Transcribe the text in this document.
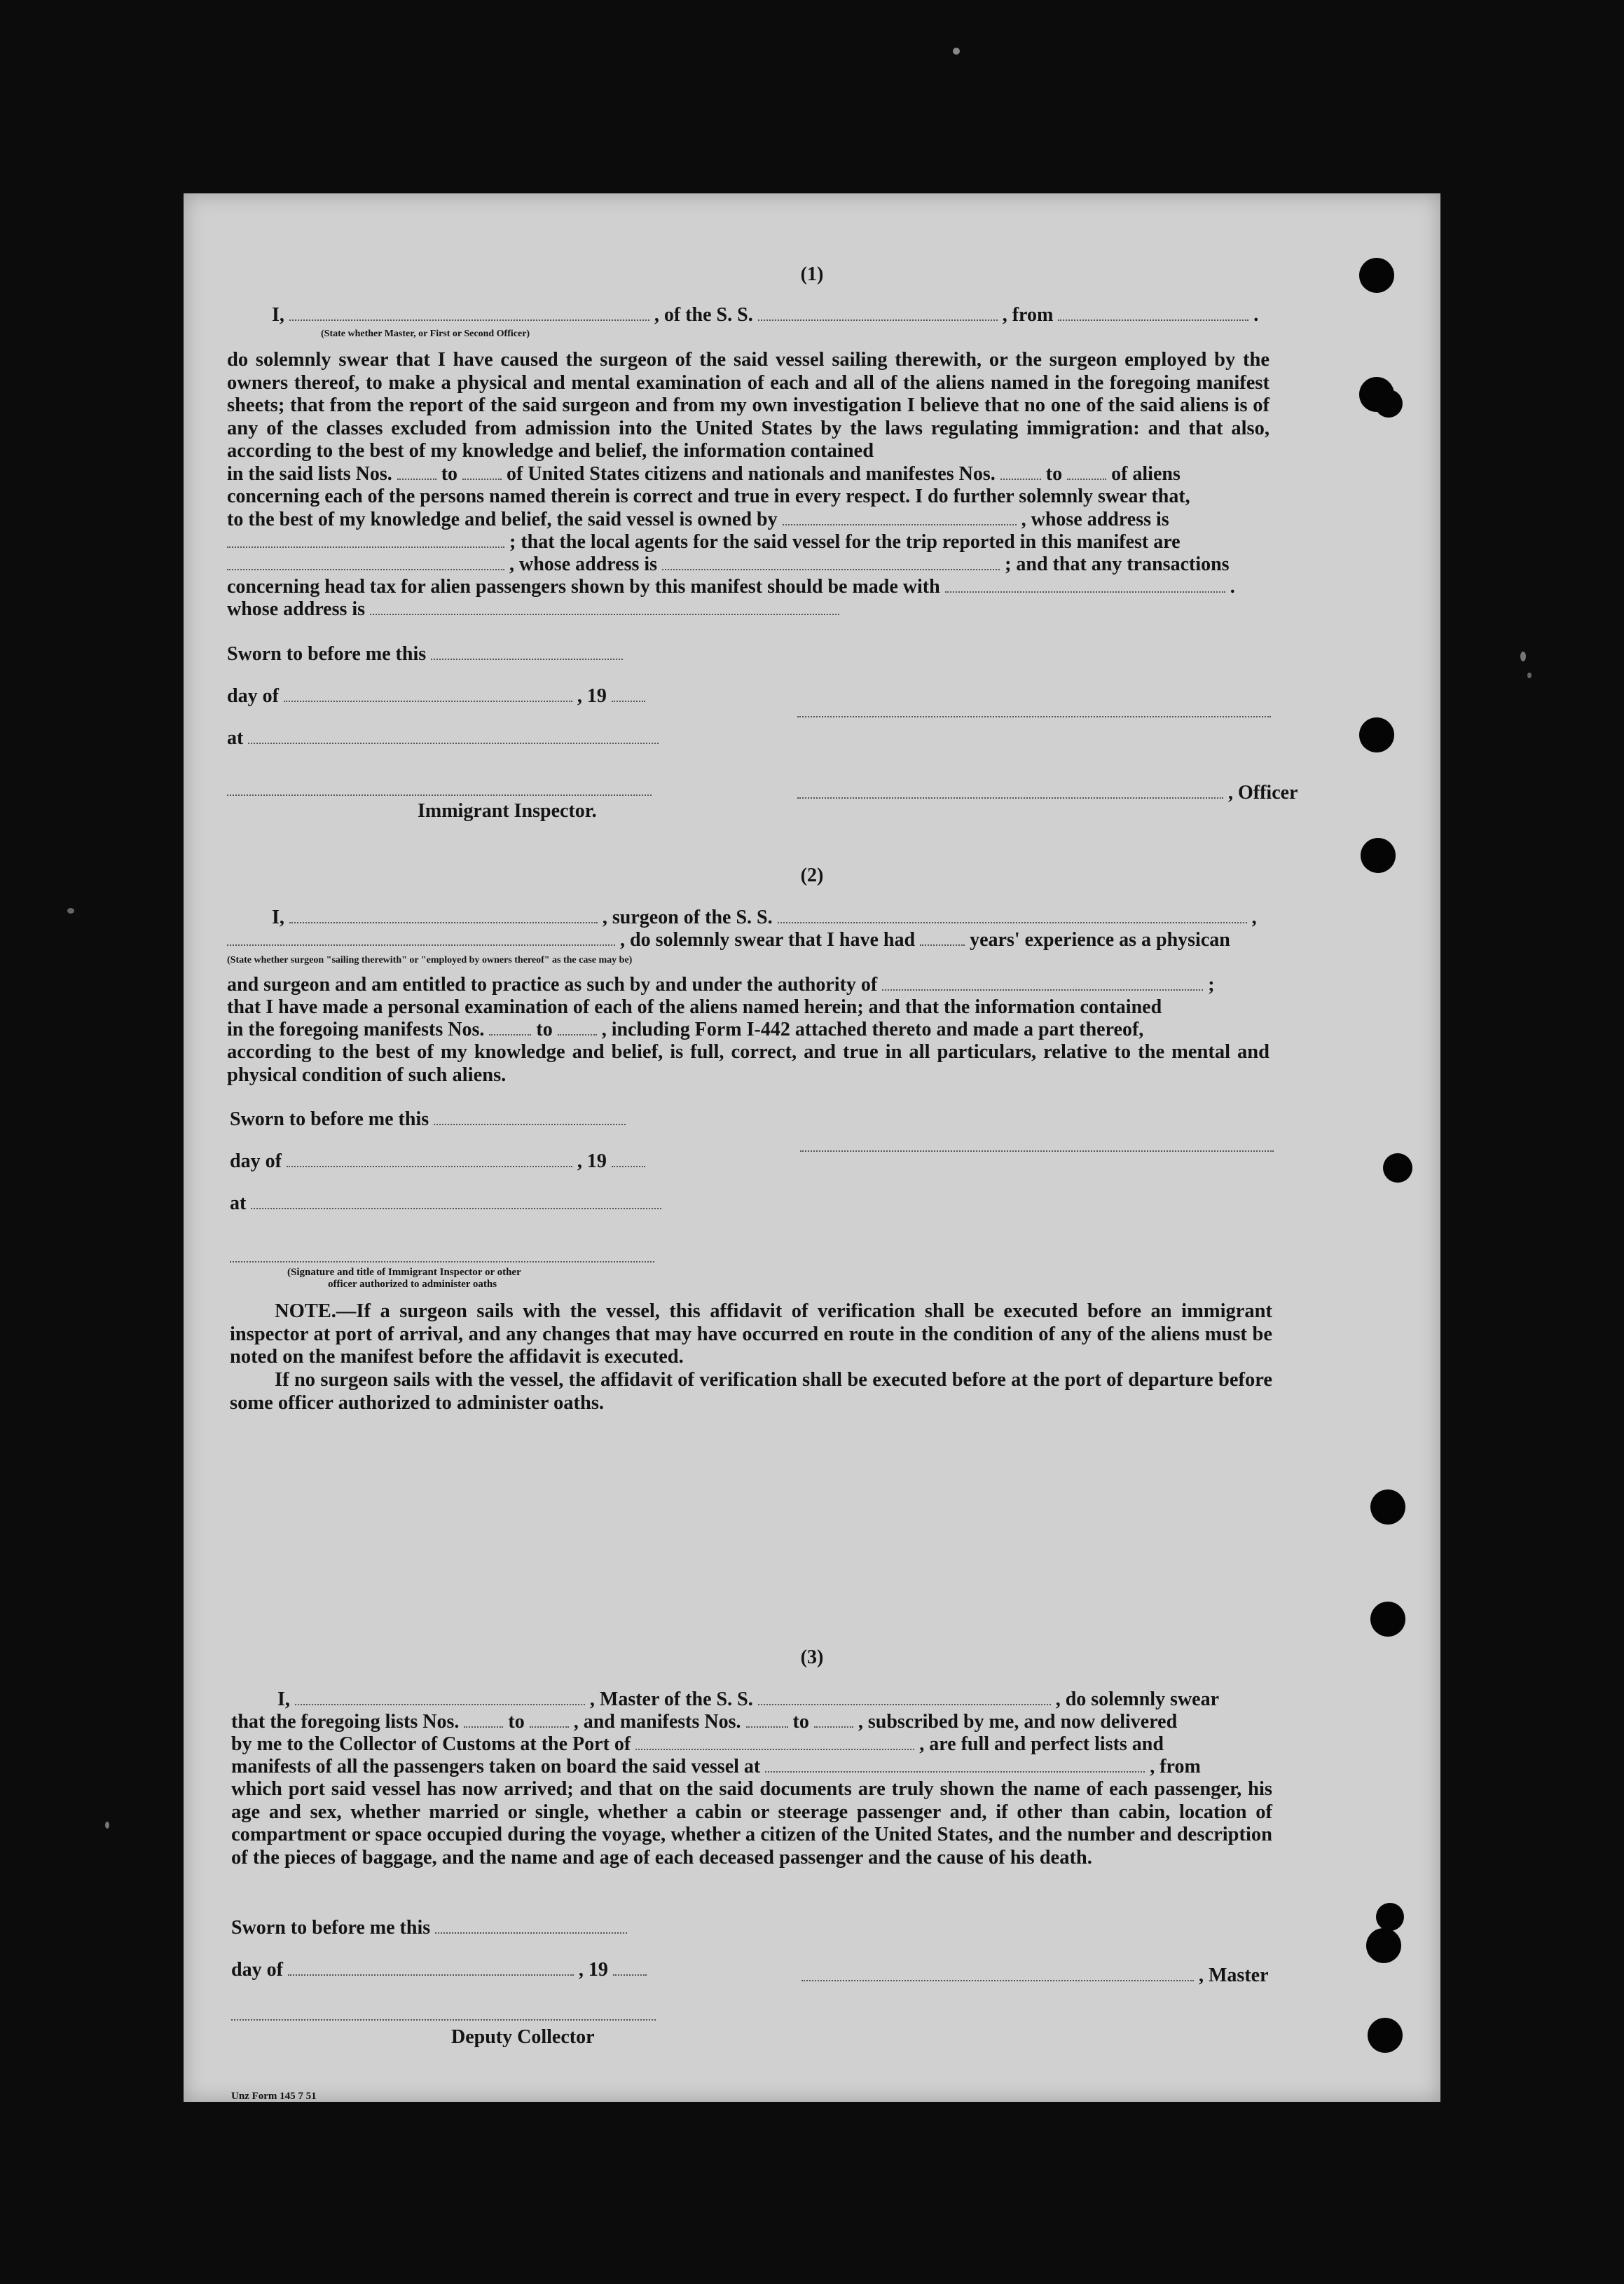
(1)
I,	, of the S. S.	, from	.
(State whether Master, or First or Second Officer)
do solemnly swear that I have caused the surgeon of the said vessel sailing therewith, or the surgeon employed by the owners thereof, to make a physical and mental examination of each and all of the aliens named in the foregoing manifest sheets; that from the report of the said surgeon and from my own investigation I believe that no one of the said aliens is of any of the classes excluded from admission into the United States by the laws regulating immigration: and that also, according to the best of my knowledge and belief, the information contained
in the said lists Nos.	to	of United States citizens and nationals and manifestes Nos.	to	of aliens
concerning each of the persons named therein is correct and true in every respect. I do further solemnly swear that,
to the best of my knowledge and belief, the said vessel is owned by	, whose address is
; that the local agents for the said vessel for the trip reported in this manifest are
, whose address is	; and that any transactions
concerning head tax for alien passengers shown by this manifest should be made with	.
whose address is
Sworn to before me this
day of	, 19
at
, Officer
Immigrant Inspector.
(2)
I,	, surgeon of the S. S.	,
, do solemnly swear that I have had	years' experience as a physican
(State whether surgeon "sailing therewith" or "employed by owners thereof" as the case may be)
and surgeon and am entitled to practice as such by and under the authority of	;
that I have made a personal examination of each of the aliens named herein; and that the information contained
in the foregoing manifests Nos.	to	, including Form I-442 attached thereto and made a part thereof,
according to the best of my knowledge and belief, is full, correct, and true in all particulars, relative to the mental and physical condition of such aliens.
Sworn to before me this
day of	, 19
at
(Signature and title of Immigrant Inspector or other
officer authorized to administer oaths
NOTE.—If a surgeon sails with the vessel, this affidavit of verification shall be executed before an immigrant inspector at port of arrival, and any changes that may have occurred en route in the condition of any of the aliens must be noted on the manifest before the affidavit is executed.
If no surgeon sails with the vessel, the affidavit of verification shall be executed before at the port of departure before some officer authorized to administer oaths.
(3)
I,	, Master of the S. S.	, do solemnly swear
that the foregoing lists Nos.	to	, and manifests Nos.	to	, subscribed by me, and now delivered
by me to the Collector of Customs at the Port of	, are full and perfect lists and
manifests of all the passengers taken on board the said vessel at	, from
which port said vessel has now arrived; and that on the said documents are truly shown the name of each passenger, his age and sex, whether married or single, whether a cabin or steerage passenger and, if other than cabin, location of compartment or space occupied during the voyage, whether a citizen of the United States, and the number and description of the pieces of baggage, and the name and age of each deceased passenger and the cause of his death.
Sworn to before me this
day of	, 19	, Master
Deputy Collector
Unz Form 145 7 51
